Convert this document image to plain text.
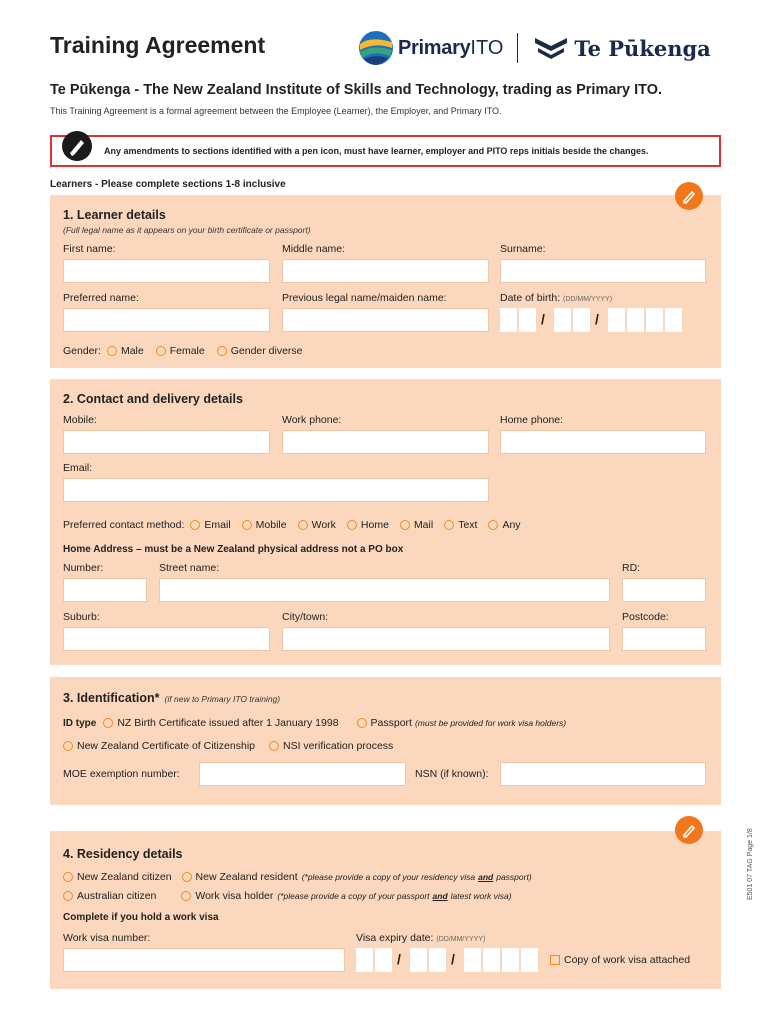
Training Agreement	Primary ITO	Te Pūkenga
Te Pūkenga - The New Zealand Institute of Skills and Technology, trading as Primary ITO.
This Training Agreement is a formal agreement between the Employee (Learner), the Employer, and Primary ITO.
Any amendments to sections identified with a pen icon, must have learner, employer and PITO reps initials beside the changes.
Learners - Please complete sections 1-8 inclusive
1. Learner details
(Full legal name as it appears on your birth certificate or passport)
First name:	Middle name:	Surname:
Preferred name:	Previous legal name/maiden name:	Date of birth: (DD/MM/YYYY)
/	/
Gender: Male Female Gender diverse
2. Contact and delivery details
Mobile:	Work phone:	Home phone:
Email:
Preferred contact method: Email Mobile Work Home Mail Text Any
Home Address – must be a New Zealand physical address not a PO box
Number:	Street name:	RD:
Suburb:	City/town:	Postcode:
3. Identification* (if new to Primary ITO training)
ID type NZ Birth Certificate issued after 1 January 1998	Passport (must be provided for work visa holders)
New Zealand Certificate of Citizenship	NSI verification process
MOE exemption number:	NSN (if known):
4. Residency details
New Zealand citizen New Zealand resident (*please provide a copy of your residency visa and passport)
Australian citizen	Work visa holder (*please provide a copy of your passport and latest work visa)
Complete if you hold a work visa
Work visa number:	Visa expiry date: (DD/MM/YYYY)
/	/	Copy of work visa attached
E501 07 TAG Page 1/8
